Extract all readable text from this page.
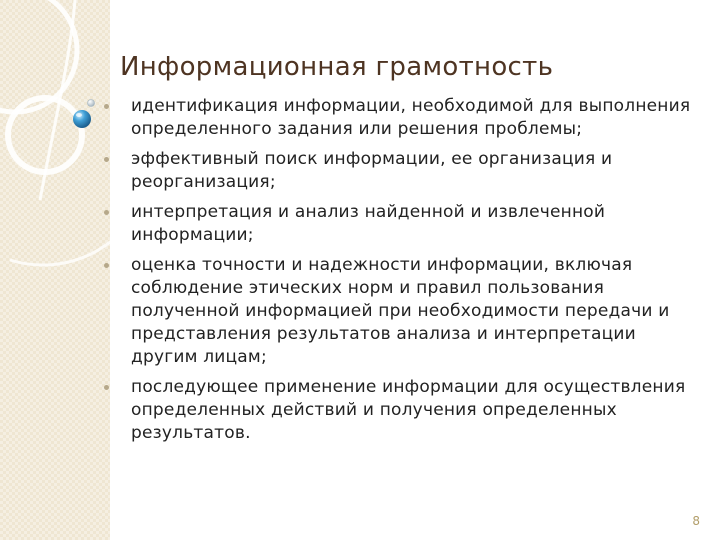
Информационная грамотность
идентификация информации, необходимой для выполнения определенного задания или решения проблемы;
эффективный поиск информации, ее организация и реорганизация;
интерпретация и анализ найденной и извлеченной информации;
оценка точности и надежности информации, включая соблюдение этических норм и правил пользования полученной информацией при необходимости передачи и представления результатов анализа и интерпретации другим лицам;
последующее применение информации для осуществления определенных действий и получения определенных результатов.
8
